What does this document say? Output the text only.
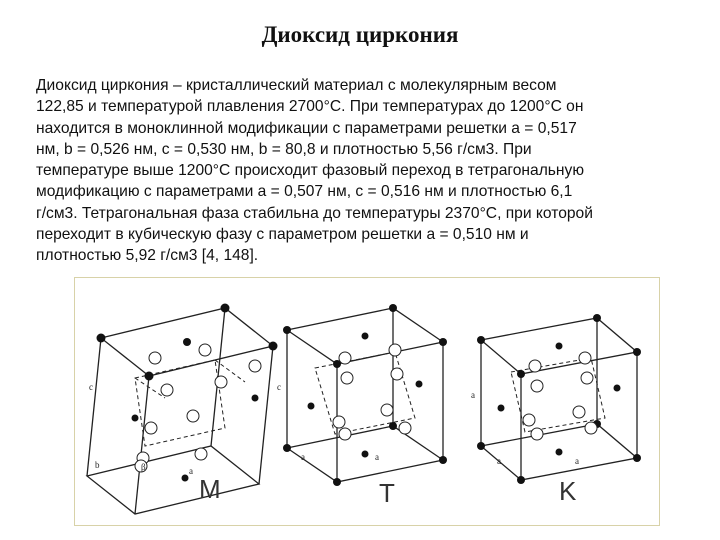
Диоксид циркония
Диоксид циркония – кристаллический материал с молекулярным весом
122,85 и температурой плавления 2700°С. При температурах до 1200°С он
находится в моноклинной модификации с параметрами решетки a = 0,517
нм, b = 0,526 нм, c = 0,530 нм, b = 80,8 и плотностью 5,56 г/см3. При
температуре выше 1200°С происходит фазовый переход в тетрагональную
модификацию с параметрами a = 0,507 нм, c = 0,516 нм и плотностью 6,1
г/см3. Тетрагональная фаза стабильна до температуры 2370°С, при которой
переходит в кубическую фазу с параметром решетки a = 0,510 нм и
плотностью 5,92 г/см3 [4, 148].
c
b
a
β
c
a	a
a
a	a
M	T	K
